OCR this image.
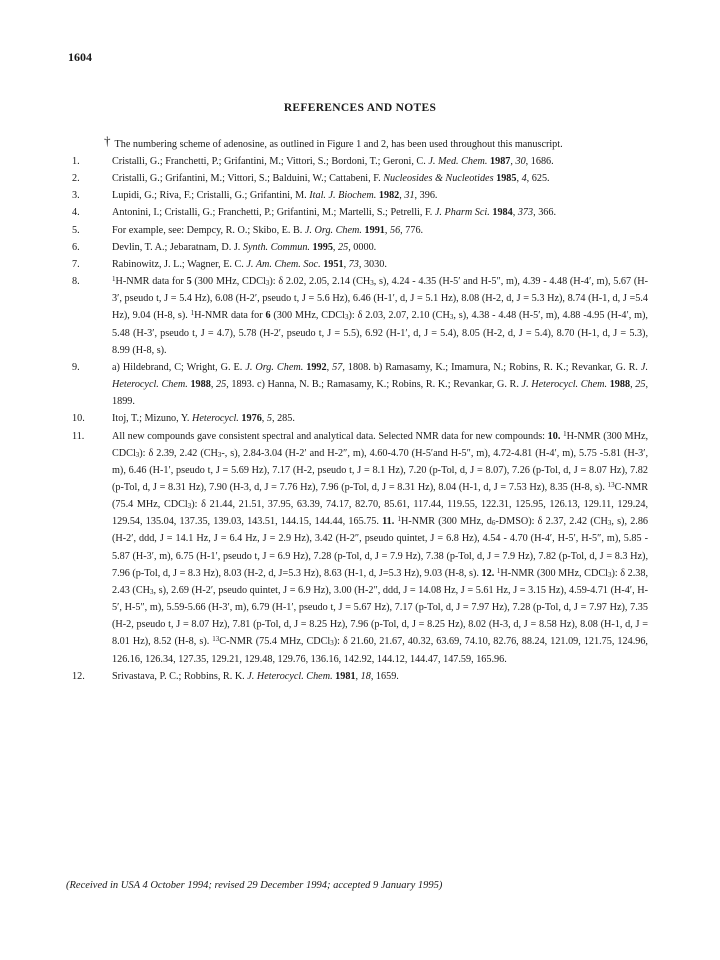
1604
REFERENCES AND NOTES
† The numbering scheme of adenosine, as outlined in Figure 1 and 2, has been used throughout this manuscript.
1.	Cristalli, G.; Franchetti, P.; Grifantini, M.; Vittori, S.; Bordoni, T.; Geroni, C. J. Med. Chem. 1987, 30, 1686.
2.	Cristalli, G.; Grifantini, M.; Vittori, S.; Balduini, W.; Cattabeni, F. Nucleosides & Nucleotides 1985, 4, 625.
3.	Lupidi, G.; Riva, F.; Cristalli, G.; Grifantini, M. Ital. J. Biochem. 1982, 31, 396.
4.	Antonini, I.; Cristalli, G.; Franchetti, P.; Grifantini, M.; Martelli, S.; Petrelli, F. J. Pharm Sci. 1984, 373, 366.
5.	For example, see: Dempcy, R. O.; Skibo, E. B. J. Org. Chem. 1991, 56, 776.
6.	Devlin, T. A.; Jebaratnam, D. J. Synth. Commun. 1995, 25, 0000.
7.	Rabinowitz, J. L.; Wagner, E. C. J. Am. Chem. Soc. 1951, 73, 3030.
8.	$^1$H-NMR data for 5 (300 MHz, CDCl$_3$): δ 2.02, 2.05, 2.14 ($CH_3$, s), 4.24 - 4.35 (H-5′ and H-5″, m), 4.39 - 4.48 (H-4′, m), 5.67 (H-3′, pseudo t, J = 5.4 Hz), 6.08 (H-2′, pseudo t, J = 5.6 Hz), 6.46 (H-1′, d, J = 5.1 Hz), 8.08 (H-2, d, J = 5.3 Hz), 8.74 (H-1, d, J =5.4 Hz), 9.04 (H-8, s). $^1$H-NMR data for 6 (300 MHz, CDCl$_3$): δ 2.03, 2.07, 2.10 ($CH_3$, s), 4.38 - 4.48 (H-5′, m), 4.88 -4.95 (H-4′, m), 5.48 (H-3′, pseudo t, J = 4.7), 5.78 (H-2′, pseudo t, J = 5.5), 6.92 (H-1′, d, J = 5.4), 8.05 (H-2, d, J = 5.4), 8.70 (H-1, d, J = 5.3), 8.99 (H-8, s).
9.	a) Hildebrand, C; Wright, G. E. J. Org. Chem. 1992, 57, 1808. b) Ramasamy, K.; Imamura, N.; Robins, R. K.; Revankar, G. R. J. Heterocycl. Chem. 1988, 25, 1893. c) Hanna, N. B.; Ramasamy, K.; Robins, R. K.; Revankar, G. R. J. Heterocycl. Chem. 1988, 25, 1899.
10.	Itoj, T.; Mizuno, Y. Heterocycl. 1976, 5, 285.
11.	All new compounds gave consistent spectral and analytical data. Selected NMR data for new compounds: 10. $^1$H-NMR (300 MHz, CDCl$_3$): δ 2.39, 2.42 ($CH_3-$, s), 2.84-3.04 (H-2′ and H-2″, m), 4.60-4.70 (H-5′and H-5″, m), 4.72-4.81 (H-4′, m), 5.75 -5.81 (H-3′, m), 6.46 (H-1′, pseudo t, J = 5.69 Hz), 7.17 (H-2, pseudo t, J = 8.1 Hz), 7.20 (p-Tol, d, J = 8.07), 7.26 (p-Tol, d, J = 8.07 Hz), 7.82 (p-Tol, d, J = 8.31 Hz), 7.90 (H-3, d, J = 7.76 Hz), 7.96 (p-Tol, d, J = 8.31 Hz), 8.04 (H-1, d, J = 7.53 Hz), 8.35 (H-8, s). $^{13}$C-NMR (75.4 MHz, CDCl$_3$): δ 21.44, 21.51, 37.95, 63.39, 74.17, 82.70, 85.61, 117.44, 119.55, 122.31, 125.95, 126.13, 129.11, 129.24, 129.54, 135.04, 137.35, 139.03, 143.51, 144.15, 144.44, 165.75. 11. $^1$H-NMR (300 MHz, $d_6-DMSO$): δ 2.37, 2.42 ($CH_3$, s), 2.86 (H-2′, ddd, J = 14.1 Hz, J = 6.4 Hz, J = 2.9 Hz), 3.42 (H-2″, pseudo quintet, J = 6.8 Hz), 4.54 - 4.70 (H-4′, H-5′, H-5″, m), 5.85 - 5.87 (H-3′, m), 6.75 (H-1′, pseudo t, J = 6.9 Hz), 7.28 (p-Tol, d, J = 7.9 Hz), 7.38 (p-Tol, d, J = 7.9 Hz), 7.82 (p-Tol, d, J = 8.3 Hz), 7.96 (p-Tol, d, J = 8.3 Hz), 8.03 (H-2, d, J=5.3 Hz), 8.63 (H-1, d, J=5.3 Hz), 9.03 (H-8, s). 12. $^1$H-NMR (300 MHz, CDCl$_3$): δ 2.38, 2.43 ($CH_3$, s), 2.69 (H-2′, pseudo quintet, J = 6.9 Hz), 3.00 (H-2″, ddd, J = 14.08 Hz, J = 5.61 Hz, J = 3.15 Hz), 4.59-4.71 (H-4′, H-5′, H-5″, m), 5.59-5.66 (H-3′, m), 6.79 (H-1′, pseudo t, J = 5.67 Hz), 7.17 (p-Tol, d, J = 7.97 Hz), 7.28 (p-Tol, d, J = 7.97 Hz), 7.35 (H-2, pseudo t, J = 8.07 Hz), 7.81 (p-Tol, d, J = 8.25 Hz), 7.96 (p-Tol, d, J = 8.25 Hz), 8.02 (H-3, d, J = 8.58 Hz), 8.08 (H-1, d, J = 8.01 Hz), 8.52 (H-8, s). $^{13}$C-NMR (75.4 MHz, CDCl$_3$): δ 21.60, 21.67, 40.32, 63.69, 74.10, 82.76, 88.24, 121.09, 121.75, 124.96, 126.16, 126.34, 127.35, 129.21, 129.48, 129.76, 136.16, 142.92, 144.12, 144.47, 147.59, 165.96.
12.	Srivastava, P. C.; Robbins, R. K. J. Heterocycl. Chem. 1981, 18, 1659.
(Received in USA 4 October 1994; revised 29 December 1994; accepted 9 January 1995)
